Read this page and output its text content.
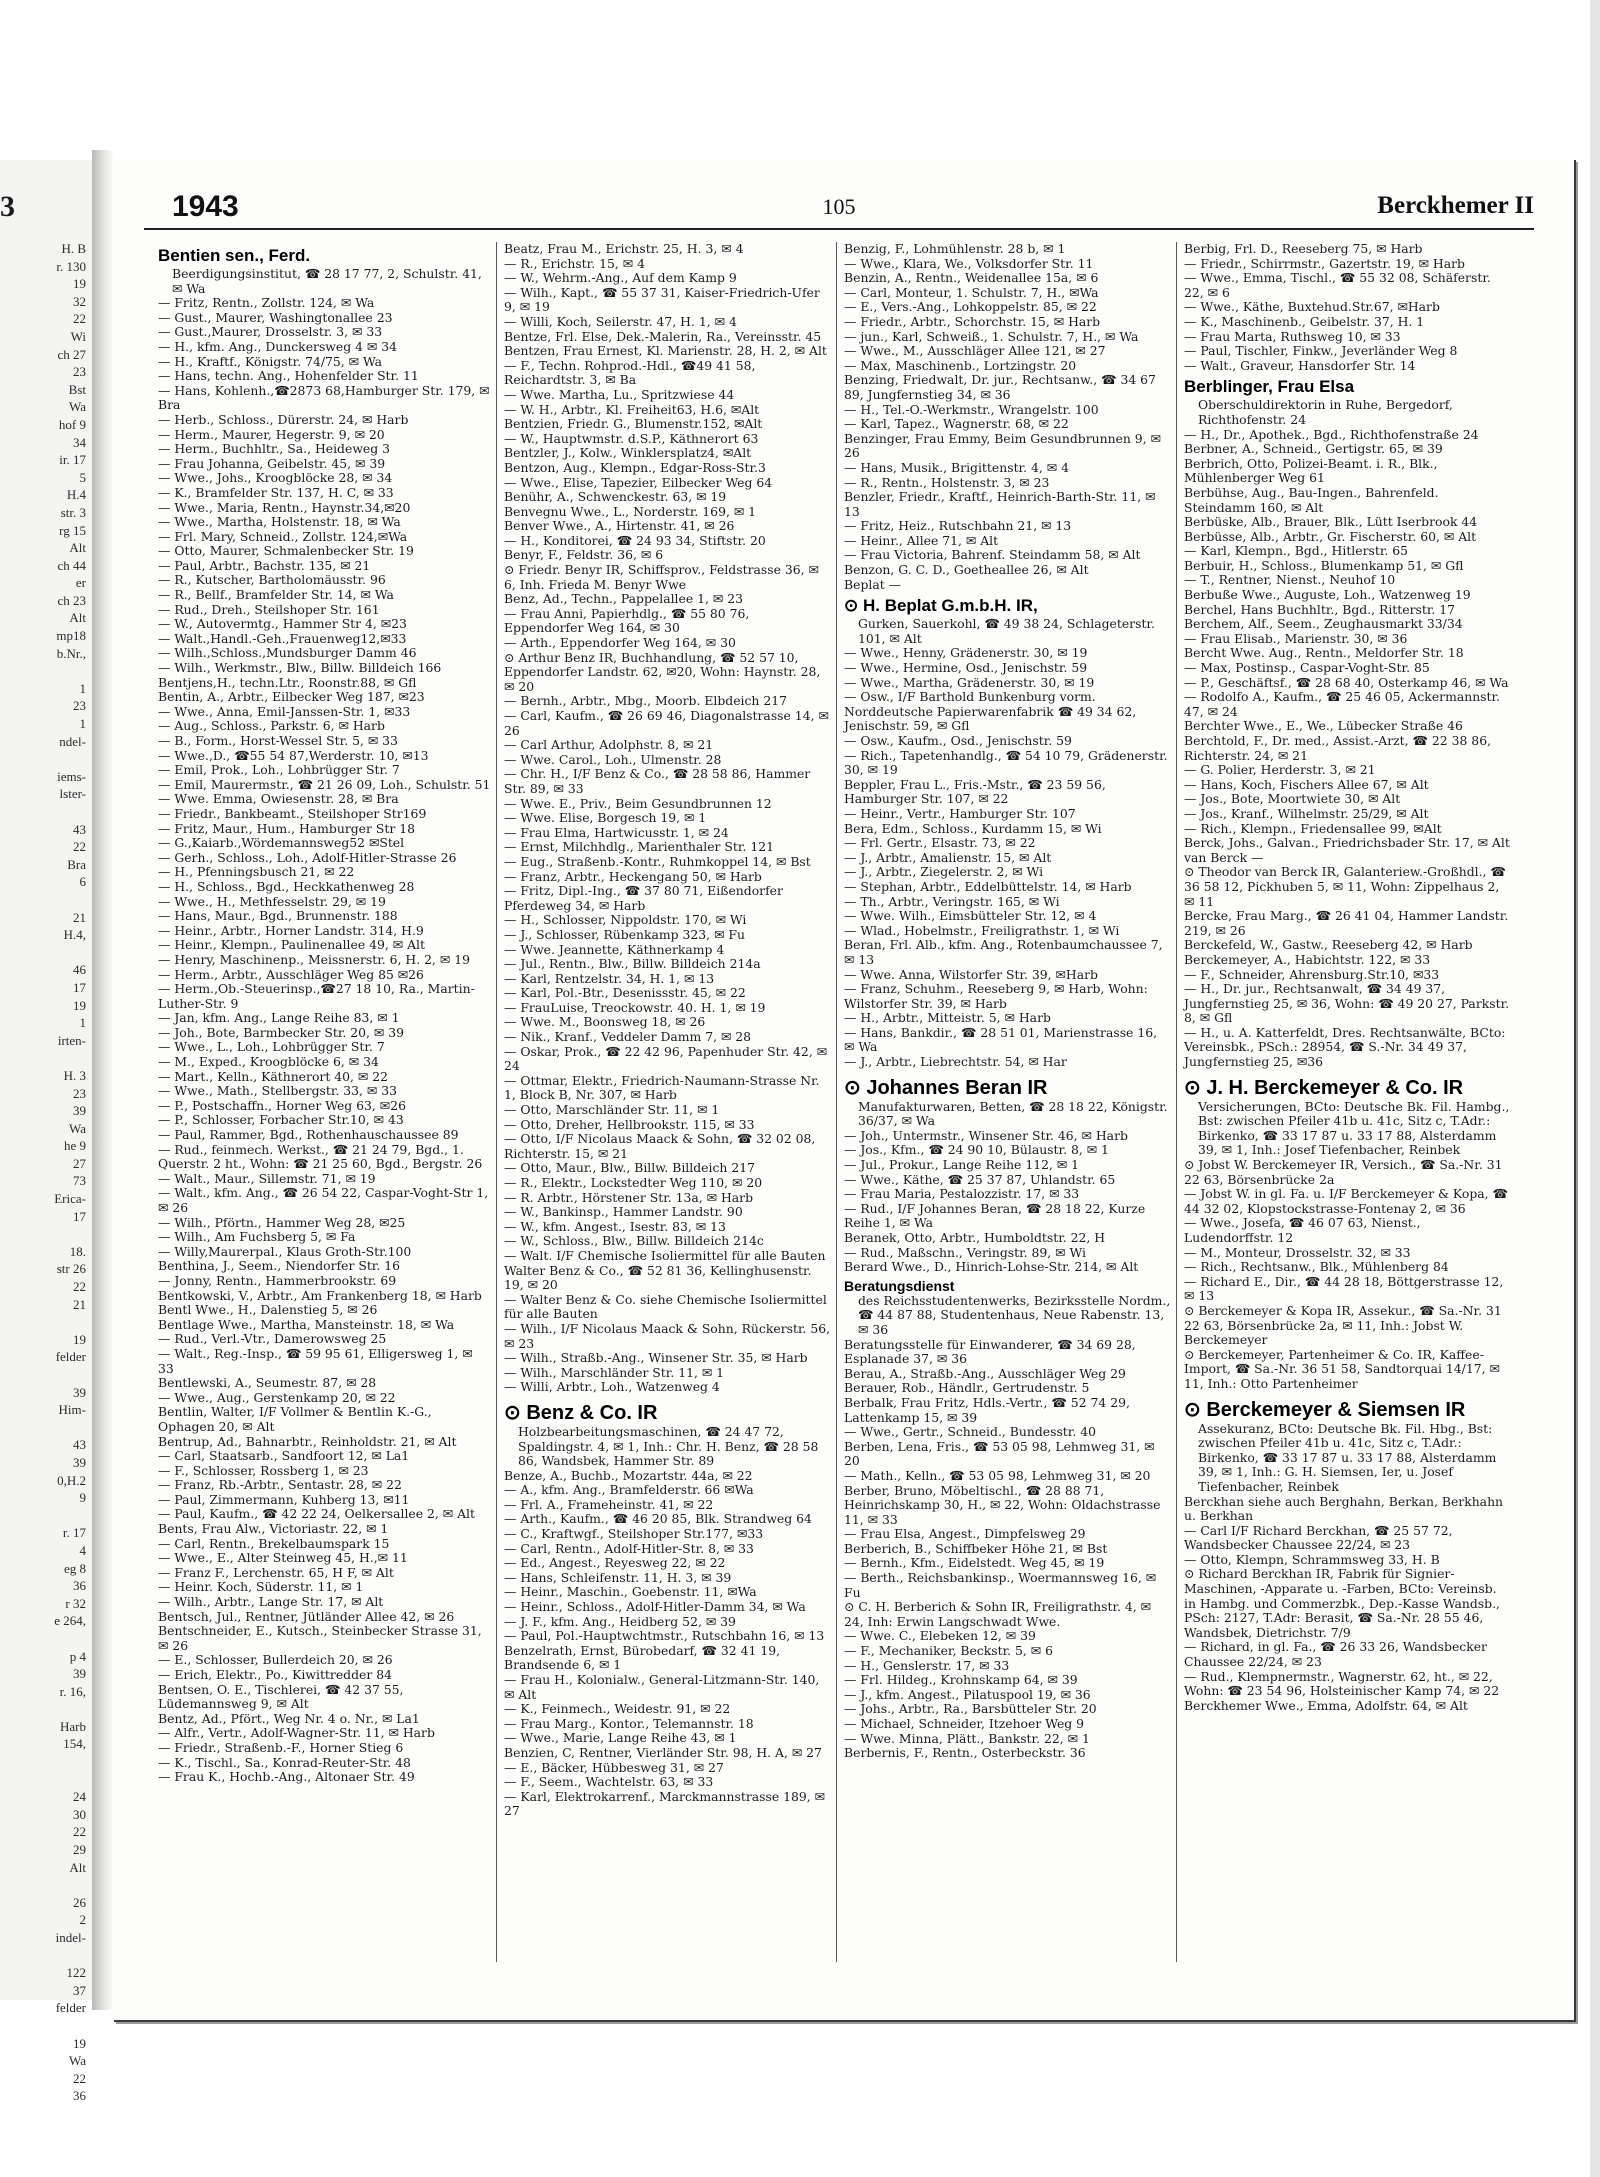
3
H. B
r. 130
19
32
22
Wi
ch 27
23
Bst
Wa
hof 9
34
ir. 17
5
H.4
str. 3
rg 15
Alt
ch 44
er
ch 23
Alt
mp18
b.Nr.,

1
23
1
ndel-

iems-
lster-

43
22
Bra
6

21
H.4,

46
17
19
1
irten-

H. 3
23
39
Wa
he 9
27
73
Erica-
17

18.
str 26
22
21

19
felder

39
Him-

43
39
0,H.2
9

r. 17
4
eg 8
36
r 32
e 264,

p 4
39
r. 16,

Harb
154,

24
30
22
29
Alt

26
2
indel-

122
37
felder

19
Wa
22
36
1943	105	Berckhemer II

Bentien sen., Ferd.

Beerdigungsinstitut, ☎ 28 17 77, 2, Schulstr. 41, ✉ Wa

— Fritz, Rentn., Zollstr. 124, ✉ Wa

— Gust., Maurer, Washingtonallee 23

— Gust.,Maurer, Drosselstr. 3, ✉ 33

— H., kfm. Ang., Dunckersweg 4 ✉ 34

— H., Kraftf., Königstr. 74/75, ✉ Wa

— Hans, techn. Ang., Hohenfelder Str. 11

— Hans, Kohlenh.,☎2873 68,Hamburger Str. 179, ✉ Bra

— Herb., Schloss., Dürerstr. 24, ✉ Harb

— Herm., Maurer, Hegerstr. 9, ✉ 20

— Herm., Buchhltr., Sa., Heideweg 3

— Frau Johanna, Geibelstr. 45, ✉ 39

— Wwe., Johs., Kroogblöcke 28, ✉ 34

— K., Bramfelder Str. 137, H. C, ✉ 33

— Wwe., Maria, Rentn., Haynstr.34,✉20

— Wwe., Martha, Holstenstr. 18, ✉ Wa

— Frl. Mary, Schneid., Zollstr. 124,✉Wa

— Otto, Maurer, Schmalenbecker Str. 19

— Paul, Arbtr., Bachstr. 135, ✉ 21

— R., Kutscher, Bartholomäusstr. 96

— R., Bellf., Bramfelder Str. 14, ✉ Wa

— Rud., Dreh., Steilshoper Str. 161

— W., Autovermtg., Hammer Str 4, ✉23

— Walt.,Handl.-Geh.,Frauenweg12,✉33

— Wilh.,Schloss.,Mundsburger Damm 46

— Wilh., Werkmstr., Blw., Billw. Billdeich 166

Bentjens,H., techn.Ltr., Roonstr.88, ✉ Gfl

Bentin, A., Arbtr., Eilbecker Weg 187, ✉23

— Wwe., Anna, Emil-Janssen-Str. 1, ✉33

— Aug., Schloss., Parkstr. 6, ✉ Harb

— B., Form., Horst-Wessel Str. 5, ✉ 33

— Wwe.,D., ☎55 54 87,Werderstr. 10, ✉13

— Emil, Prok., Loh., Lohbrügger Str. 7

— Emil, Maurermstr., ☎ 21 26 09, Loh., Schulstr. 51

— Wwe. Emma, Owiesenstr. 28, ✉ Bra

— Friedr., Bankbeamt., Steilshoper Str169

— Fritz, Maur., Hum., Hamburger Str 18

— G.,Kaiarb.,Wördemannsweg52 ✉Stel

— Gerh., Schloss., Loh., Adolf-Hitler-Strasse 26

— H., Pfenningsbusch 21, ✉ 22

— H., Schloss., Bgd., Heckkathenweg 28

— Wwe., H., Methfesselstr. 29, ✉ 19

— Hans, Maur., Bgd., Brunnenstr. 188

— Heinr., Arbtr., Horner Landstr. 314, H.9

— Heinr., Klempn., Paulinenallee 49, ✉ Alt

— Henry, Maschinenp., Meissnerstr. 6, H. 2, ✉ 19

— Herm., Arbtr., Ausschläger Weg 85 ✉26

— Herm.,Ob.-Steuerinsp.,☎27 18 10, Ra., Martin-Luther-Str. 9

— Jan, kfm. Ang., Lange Reihe 83, ✉ 1

— Joh., Bote, Barmbecker Str. 20, ✉ 39

— Wwe., L., Loh., Lohbrügger Str. 7

— M., Exped., Kroogblöcke 6, ✉ 34

— Mart., Kelln., Käthnerort 40, ✉ 22

— Wwe., Math., Stellbergstr. 33, ✉ 33

— P., Postschaffn., Horner Weg 63, ✉26

— P., Schlosser, Forbacher Str.10, ✉ 43

— Paul, Rammer, Bgd., Rothenhauschaussee 89

— Rud., feinmech. Werkst., ☎ 21 24 79, Bgd., 1. Querstr. 2 ht., Wohn: ☎ 21 25 60, Bgd., Bergstr. 26

— Walt., Maur., Sillemstr. 71, ✉ 19

— Walt., kfm. Ang., ☎ 26 54 22, Caspar-Voght-Str 1, ✉ 26

— Wilh., Pförtn., Hammer Weg 28, ✉25

— Wilh., Am Fuchsberg 5, ✉ Fa

— Willy,Maurerpal., Klaus Groth-Str.100

Benthina, J., Seem., Niendorfer Str. 16

— Jonny, Rentn., Hammerbrookstr. 69

Bentkowski, V., Arbtr., Am Frankenberg 18, ✉ Harb

Bentl Wwe., H., Dalenstieg 5, ✉ 26

Bentlage Wwe., Martha, Mansteinstr. 18, ✉ Wa

— Rud., Verl.-Vtr., Damerowsweg 25

— Walt., Reg.-Insp., ☎ 59 95 61, Elligersweg 1, ✉ 33

Bentlewski, A., Seumestr. 87, ✉ 28

— Wwe., Aug., Gerstenkamp 20, ✉ 22

Bentlin, Walter, I/F Vollmer & Bentlin K.-G., Ophagen 20, ✉ Alt

Bentrup, Ad., Bahnarbtr., Reinholdstr. 21, ✉ Alt

— Carl, Staatsarb., Sandfoort 12, ✉ La1

— F., Schlosser, Rossberg 1, ✉ 23

— Franz, Rb.-Arbtr., Sentastr. 28, ✉ 22

— Paul, Zimmermann, Kuhberg 13, ✉11

— Paul, Kaufm., ☎ 42 22 24, Oelkersallee 2, ✉ Alt

Bents, Frau Alw., Victoriastr. 22, ✉ 1

— Carl, Rentn., Brekelbaumspark 15

— Wwe., E., Alter Steinweg 45, H.,✉ 11

— Franz F., Lerchenstr. 65, H F, ✉ Alt

— Heinr. Koch, Süderstr. 11, ✉ 1

— Wilh., Arbtr., Lange Str. 17, ✉ Alt

Bentsch, Jul., Rentner, Jütländer Allee 42, ✉ 26

Bentschneider, E., Kutsch., Steinbecker Strasse 31, ✉ 26

— E., Schlosser, Bullerdeich 20, ✉ 26

— Erich, Elektr., Po., Kiwittredder 84

Bentsen, O. E., Tischlerei, ☎ 42 37 55, Lüdemannsweg 9, ✉ Alt

Bentz, Ad., Pfört., Weg Nr. 4 o. Nr., ✉ La1

— Alfr., Vertr., Adolf-Wagner-Str. 11, ✉ Harb

— Friedr., Straßenb.-F., Horner Stieg 6

— K., Tischl., Sa., Konrad-Reuter-Str. 48

— Frau K., Hochb.-Ang., Altonaer Str. 49

Beatz, Frau M., Erichstr. 25, H. 3, ✉ 4

— R., Erichstr. 15, ✉ 4

— W., Wehrm.-Ang., Auf dem Kamp 9

— Wilh., Kapt., ☎ 55 37 31, Kaiser-Friedrich-Ufer 9, ✉ 19

— Willi, Koch, Seilerstr. 47, H. 1, ✉ 4

Bentze, Frl. Else, Dek.-Malerin, Ra., Vereinsstr. 45

Bentzen, Frau Ernest, Kl. Marienstr. 28, H. 2, ✉ Alt

— F., Techn. Rohprod.-Hdl., ☎49 41 58, Reichardtstr. 3, ✉ Ba

— Wwe. Martha, Lu., Spritzwiese 44

— W. H., Arbtr., Kl. Freiheit63, H.6, ✉Alt

Bentzien, Friedr. G., Blumenstr.152, ✉Alt

— W., Hauptwmstr. d.S.P., Käthnerort 63

Bentzler, J., Kolw., Winklersplatz4, ✉Alt

Bentzon, Aug., Klempn., Edgar-Ross-Str.3

— Wwe., Elise, Tapezier, Eilbecker Weg 64

Benühr, A., Schwenckestr. 63, ✉ 19

Benvegnu Wwe., L., Norderstr. 169, ✉ 1

Benver Wwe., A., Hirtenstr. 41, ✉ 26

— H., Konditorei, ☎ 24 93 34, Stiftstr. 20

Benyr, F., Feldstr. 36, ✉ 6

⊙ Friedr. Benyr IR, Schiffsprov., Feldstrasse 36, ✉ 6, Inh. Frieda M. Benyr Wwe

Benz, Ad., Techn., Pappelallee 1, ✉ 23

— Frau Anni, Papierhdlg., ☎ 55 80 76, Eppendorfer Weg 164, ✉ 30

— Arth., Eppendorfer Weg 164, ✉ 30

⊙ Arthur Benz IR, Buchhandlung, ☎ 52 57 10, Eppendorfer Landstr. 62, ✉20, Wohn: Haynstr. 28, ✉ 20

— Bernh., Arbtr., Mbg., Moorb. Elbdeich 217

— Carl, Kaufm., ☎ 26 69 46, Diagonalstrasse 14, ✉ 26

— Carl Arthur, Adolphstr. 8, ✉ 21

— Wwe. Carol., Loh., Ulmenstr. 28

— Chr. H., I/F Benz & Co., ☎ 28 58 86, Hammer Str. 89, ✉ 33

— Wwe. E., Priv., Beim Gesundbrunnen 12

— Wwe. Elise, Borgesch 19, ✉ 1

— Frau Elma, Hartwicusstr. 1, ✉ 24

— Ernst, Milchhdlg., Marienthaler Str. 121

— Eug., Straßenb.-Kontr., Ruhmkoppel 14, ✉ Bst

— Franz, Arbtr., Heckengang 50, ✉ Harb

— Fritz, Dipl.-Ing., ☎ 37 80 71, Eißendorfer Pferdeweg 34, ✉ Harb

— H., Schlosser, Nippoldstr. 170, ✉ Wi

— J., Schlosser, Rübenkamp 323, ✉ Fu

— Wwe. Jeannette, Käthnerkamp 4

— Jul., Rentn., Blw., Billw. Billdeich 214a

— Karl, Rentzelstr. 34, H. 1, ✉ 13

— Karl, Pol.-Btr., Desenissstr. 45, ✉ 22

— FrauLuise, Treockowstr. 40. H. 1, ✉ 19

— Wwe. M., Boonsweg 18, ✉ 26

— Nik., Kranf., Veddeler Damm 7, ✉ 28

— Oskar, Prok., ☎ 22 42 96, Papenhuder Str. 42, ✉ 24

— Ottmar, Elektr., Friedrich-Naumann-Strasse Nr. 1, Block B, Nr. 307, ✉ Harb

— Otto, Marschländer Str. 11, ✉ 1

— Otto, Dreher, Hellbrookstr. 115, ✉ 33

— Otto, I/F Nicolaus Maack & Sohn, ☎ 32 02 08, Richterstr. 15, ✉ 21

— Otto, Maur., Blw., Billw. Billdeich 217

— R., Elektr., Lockstedter Weg 110, ✉ 20

— R. Arbtr., Hörstener Str. 13a, ✉ Harb

— W., Bankinsp., Hammer Landstr. 90

— W., kfm. Angest., Isestr. 83, ✉ 13

— W., Schloss., Blw., Billw. Billdeich 214c

— Walt. I/F Chemische Isoliermittel für alle Bauten Walter Benz & Co., ☎ 52 81 36, Kellinghusenstr. 19, ✉ 20

— Walter Benz & Co. siehe Chemische Isoliermittel für alle Bauten

— Wilh., I/F Nicolaus Maack & Sohn, Rückerstr. 56, ✉ 23

— Wilh., Straßb.-Ang., Winsener Str. 35, ✉ Harb

— Wilh., Marschländer Str. 11, ✉ 1

— Willi, Arbtr., Loh., Watzenweg 4

⊙ Benz & Co. IR

Holzbearbeitungsmaschinen, ☎ 24 47 72, Spaldingstr. 4, ✉ 1, Inh.: Chr. H. Benz, ☎ 28 58 86, Wandsbek, Hammer Str. 89

Benze, A., Buchb., Mozartstr. 44a, ✉ 22

— A., kfm. Ang., Bramfelderstr. 66 ✉Wa

— Frl. A., Frameheinstr. 41, ✉ 22

— Arth., Kaufm., ☎ 46 20 85, Blk. Strandweg 64

— C., Kraftwgf., Steilshoper Str.177, ✉33

— Carl, Rentn., Adolf-Hitler-Str. 8, ✉ 33

— Ed., Angest., Reyesweg 22, ✉ 22

— Hans, Schleifenstr. 11, H. 3, ✉ 39

— Heinr., Maschin., Goebenstr. 11, ✉Wa

— Heinr., Schloss., Adolf-Hitler-Damm 34, ✉ Wa

— J. F., kfm. Ang., Heidberg 52, ✉ 39

— Paul, Pol.-Hauptwchtmstr., Rutschbahn 16, ✉ 13

Benzelrath, Ernst, Bürobedarf, ☎ 32 41 19, Brandsende 6, ✉ 1

— Frau H., Kolonialw., General-Litzmann-Str. 140, ✉ Alt

— K., Feinmech., Weidestr. 91, ✉ 22

— Frau Marg., Kontor., Telemannstr. 18

— Wwe., Marie, Lange Reihe 43, ✉ 1

Benzien, C, Rentner, Vierländer Str. 98, H. A, ✉ 27

— E., Bäcker, Hübbesweg 31, ✉ 27

— F., Seem., Wachtelstr. 63, ✉ 33

— Karl, Elektrokarrenf., Marckmannstrasse 189, ✉ 27

Benzig, F., Lohmühlenstr. 28 b, ✉ 1

— Wwe., Klara, We., Volksdorfer Str. 11

Benzin, A., Rentn., Weidenallee 15a, ✉ 6

— Carl, Monteur, 1. Schulstr. 7, H., ✉Wa

— E., Vers.-Ang., Lohkoppelstr. 85, ✉ 22

— Friedr., Arbtr., Schorchstr. 15, ✉ Harb

— jun., Karl, Schweiß., 1. Schulstr. 7, H., ✉ Wa

— Wwe., M., Ausschläger Allee 121, ✉ 27

— Max, Maschinenb., Lortzingstr. 20

Benzing, Friedwalt, Dr. jur., Rechtsanw., ☎ 34 67 89, Jungfernstieg 34, ✉ 36

— H., Tel.-O.-Werkmstr., Wrangelstr. 100

— Karl, Tapez., Wagnerstr. 68, ✉ 22

Benzinger, Frau Emmy, Beim Gesundbrunnen 9, ✉ 26

— Hans, Musik., Brigittenstr. 4, ✉ 4

— R., Rentn., Holstenstr. 3, ✉ 23

Benzler, Friedr., Kraftf., Heinrich-Barth-Str. 11, ✉ 13

— Fritz, Heiz., Rutschbahn 21, ✉ 13

— Heinr., Allee 71, ✉ Alt

— Frau Victoria, Bahrenf. Steindamm 58, ✉ Alt

Benzon, G. C. D., Goetheallee 26, ✉ Alt

Beplat —

⊙ H. Beplat G.m.b.H. IR,

Gurken, Sauerkohl, ☎ 49 38 24, Schlageterstr. 101, ✉ Alt

— Wwe., Henny, Grädenerstr. 30, ✉ 19

— Wwe., Hermine, Osd., Jenischstr. 59

— Wwe., Martha, Grädenerstr. 30, ✉ 19

— Osw., I/F Barthold Bunkenburg vorm. Norddeutsche Papierwarenfabrik ☎ 49 34 62, Jenischstr. 59, ✉ Gfl

— Osw., Kaufm., Osd., Jenischstr. 59

— Rich., Tapetenhandlg., ☎ 54 10 79, Grädenerstr. 30, ✉ 19

Beppler, Frau L., Fris.-Mstr., ☎ 23 59 56, Hamburger Str. 107, ✉ 22

— Heinr., Vertr., Hamburger Str. 107

Bera, Edm., Schloss., Kurdamm 15, ✉ Wi

— Frl. Gertr., Elsastr. 73, ✉ 22

— J., Arbtr., Amalienstr. 15, ✉ Alt

— J., Arbtr., Ziegelerstr. 2, ✉ Wi

— Stephan, Arbtr., Eddelbüttelstr. 14, ✉ Harb

— Th., Arbtr., Veringstr. 165, ✉ Wi

— Wwe. Wilh., Eimsbütteler Str. 12, ✉ 4

— Wlad., Hobelmstr., Freiligrathstr. 1, ✉ Wi

Beran, Frl. Alb., kfm. Ang., Rotenbaumchaussee 7, ✉ 13

— Wwe. Anna, Wilstorfer Str. 39, ✉Harb

— Franz, Schuhm., Reeseberg 9, ✉ Harb, Wohn: Wilstorfer Str. 39, ✉ Harb

— H., Arbtr., Mitteistr. 5, ✉ Harb

— Hans, Bankdir., ☎ 28 51 01, Marienstrasse 16, ✉ Wa

— J., Arbtr., Liebrechtstr. 54, ✉ Har

⊙ Johannes Beran IR

Manufakturwaren, Betten, ☎ 28 18 22, Königstr. 36/37, ✉ Wa

— Joh., Untermstr., Winsener Str. 46, ✉ Harb

— Jos., Kfm., ☎ 24 90 10, Bülaustr. 8, ✉ 1

— Jul., Prokur., Lange Reihe 112, ✉ 1

— Wwe., Käthe, ☎ 25 37 87, Uhlandstr. 65

— Frau Maria, Pestalozzistr. 17, ✉ 33

— Rud., I/F Johannes Beran, ☎ 28 18 22, Kurze Reihe 1, ✉ Wa

Beranek, Otto, Arbtr., Humboldtstr. 22, H

— Rud., Maßschn., Veringstr. 89, ✉ Wi

Berard Wwe., D., Hinrich-Lohse-Str. 214, ✉ Alt

Beratungsdienst

des Reichsstudentenwerks, Bezirksstelle Nordm., ☎ 44 87 88, Studentenhaus, Neue Rabenstr. 13, ✉ 36

Beratungsstelle für Einwanderer, ☎ 34 69 28, Esplanade 37, ✉ 36

Berau, A., Straßb.-Ang., Ausschläger Weg 29

Berauer, Rob., Händlr., Gertrudenstr. 5

Berbalk, Frau Fritz, Hdls.-Vertr., ☎ 52 74 29, Lattenkamp 15, ✉ 39

— Wwe., Gertr., Schneid., Bundesstr. 40

Berben, Lena, Fris., ☎ 53 05 98, Lehmweg 31, ✉ 20

— Math., Kelln., ☎ 53 05 98, Lehmweg 31, ✉ 20

Berber, Bruno, Möbeltischl., ☎ 28 88 71, Heinrichskamp 30, H., ✉ 22, Wohn: Oldachstrasse 11, ✉ 33

— Frau Elsa, Angest., Dimpfelsweg 29

Berberich, B., Schiffbeker Höhe 21, ✉ Bst

— Bernh., Kfm., Eidelstedt. Weg 45, ✉ 19

— Berth., Reichsbankinsp., Woermannsweg 16, ✉ Fu

⊙ C. H. Berberich & Sohn IR, Freiligrathstr. 4, ✉ 24, Inh: Erwin Langschwadt Wwe.

— Wwe. C., Elebeken 12, ✉ 39

— F., Mechaniker, Beckstr. 5, ✉ 6

— H., Genslerstr. 17, ✉ 33

— Frl. Hildeg., Krohnskamp 64, ✉ 39

— J., kfm. Angest., Pilatuspool 19, ✉ 36

— Johs., Arbtr., Ra., Barsbütteler Str. 20

— Michael, Schneider, Itzehoer Weg 9

— Wwe. Minna, Plätt., Bankstr. 22, ✉ 1

Berbernis, F., Rentn., Osterbeckstr. 36

Berbig, Frl. D., Reeseberg 75, ✉ Harb

— Friedr., Schirrmstr., Gazertstr. 19, ✉ Harb

— Wwe., Emma, Tischl., ☎ 55 32 08, Schäferstr. 22, ✉ 6

— Wwe., Käthe, Buxtehud.Str.67, ✉Harb

— K., Maschinenb., Geibelstr. 37, H. 1

— Frau Marta, Ruthsweg 10, ✉ 33

— Paul, Tischler, Finkw., Jeverländer Weg 8

— Walt., Graveur, Hansdorfer Str. 14

Berblinger, Frau Elsa

Oberschuldirektorin in Ruhe, Bergedorf, Richthofenstr. 24

— H., Dr., Apothek., Bgd., Richthofenstraße 24

Berbner, A., Schneid., Gertigstr. 65, ✉ 39

Berbrich, Otto, Polizei-Beamt. i. R., Blk., Mühlenberger Weg 61

Berbühse, Aug., Bau-Ingen., Bahrenfeld. Steindamm 160, ✉ Alt

Berbüske, Alb., Brauer, Blk., Lütt Iserbrook 44

Berbüsse, Alb., Arbtr., Gr. Fischerstr. 60, ✉ Alt

— Karl, Klempn., Bgd., Hitlerstr. 65

Berbuir, H., Schloss., Blumenkamp 51, ✉ Gfl

— T., Rentner, Nienst., Neuhof 10

Berbuße Wwe., Auguste, Loh., Watzenweg 19

Berchel, Hans Buchhltr., Bgd., Ritterstr. 17

Berchem, Alf., Seem., Zeughausmarkt 33/34

— Frau Elisab., Marienstr. 30, ✉ 36

Bercht Wwe. Aug., Rentn., Meldorfer Str. 18

— Max, Postinsp., Caspar-Voght-Str. 85

— P., Geschäftsf., ☎ 28 68 40, Osterkamp 46, ✉ Wa

— Rodolfo A., Kaufm., ☎ 25 46 05, Ackermannstr. 47, ✉ 24

Berchter Wwe., E., We., Lübecker Straße 46

Berchtold, F., Dr. med., Assist.-Arzt, ☎ 22 38 86, Richterstr. 24, ✉ 21

— G. Polier, Herderstr. 3, ✉ 21

— Hans, Koch, Fischers Allee 67, ✉ Alt

— Jos., Bote, Moortwiete 30, ✉ Alt

— Jos., Kranf., Wilhelmstr. 25/29, ✉ Alt

— Rich., Klempn., Friedensallee 99, ✉Alt

Berck, Johs., Galvan., Friedrichsbader Str. 17, ✉ Alt

van Berck —

⊙ Theodor van Berck IR, Galanteriew.-Großhdl., ☎ 36 58 12, Pickhuben 5, ✉ 11, Wohn: Zippelhaus 2, ✉ 11

Bercke, Frau Marg., ☎ 26 41 04, Hammer Landstr. 219, ✉ 26

Berckefeld, W., Gastw., Reeseberg 42, ✉ Harb

Berckemeyer, A., Habichtstr. 122, ✉ 33

— F., Schneider, Ahrensburg.Str.10, ✉33

— H., Dr. jur., Rechtsanwalt, ☎ 34 49 37, Jungfernstieg 25, ✉ 36, Wohn: ☎ 49 20 27, Parkstr. 8, ✉ Gfl

— H., u. A. Katterfeldt, Dres. Rechtsanwälte, BCto: Vereinsbk., PSch.: 28954, ☎ S.-Nr. 34 49 37, Jungfernstieg 25, ✉36

⊙ J. H. Berckemeyer & Co. IR

Versicherungen, BCto: Deutsche Bk. Fil. Hambg., Bst: zwischen Pfeiler 41b u. 41c, Sitz c, T.Adr.: Birkenko, ☎ 33 17 87 u. 33 17 88, Alsterdamm 39, ✉ 1, Inh.: Josef Tiefenbacher, Reinbek

⊙ Jobst W. Berckemeyer IR, Versich., ☎ Sa.-Nr. 31 22 63, Börsenbrücke 2a

— Jobst W. in gl. Fa. u. I/F Berckemeyer & Kopa, ☎ 44 32 02, Klopstockstrasse-Fontenay 2, ✉ 36

— Wwe., Josefa, ☎ 46 07 63, Nienst., Ludendorffstr. 12

— M., Monteur, Drosselstr. 32, ✉ 33

— Rich., Rechtsanw., Blk., Mühlenberg 84

— Richard E., Dir., ☎ 44 28 18, Böttgerstrasse 12, ✉ 13

⊙ Berckemeyer & Kopa IR, Assekur., ☎ Sa.-Nr. 31 22 63, Börsenbrücke 2a, ✉ 11, Inh.: Jobst W. Berckemeyer

⊙ Berckemeyer, Partenheimer & Co. IR, Kaffee-Import, ☎ Sa.-Nr. 36 51 58, Sandtorquai 14/17, ✉ 11, Inh.: Otto Partenheimer

⊙ Berckemeyer & Siemsen IR

Assekuranz, BCto: Deutsche Bk. Fil. Hbg., Bst: zwischen Pfeiler 41b u. 41c, Sitz c, T.Adr.: Birkenko, ☎ 33 17 87 u. 33 17 88, Alsterdamm 39, ✉ 1, Inh.: G. H. Siemsen, Ier, u. Josef Tiefenbacher, Reinbek

Berckhan siehe auch Berghahn, Berkan, Berkhahn u. Berkhan

— Carl I/F Richard Berckhan, ☎ 25 57 72, Wandsbecker Chaussee 22/24, ✉ 23

— Otto, Klempn, Schrammsweg 33, H. B

⊙ Richard Berckhan IR, Fabrik für Signier-Maschinen, -Apparate u. -Farben, BCto: Vereinsb. in Hambg. und Commerzbk., Dep.-Kasse Wandsb., PSch: 2127, T.Adr: Berasit, ☎ Sa.-Nr. 28 55 46, Wandsbek, Dietrichstr. 7/9

— Richard, in gl. Fa., ☎ 26 33 26, Wandsbecker Chaussee 22/24, ✉ 23

— Rud., Klempnermstr., Wagnerstr. 62, ht., ✉ 22, Wohn: ☎ 23 54 96, Holsteinischer Kamp 74, ✉ 22

Berckhemer Wwe., Emma, Adolfstr. 64, ✉ Alt
